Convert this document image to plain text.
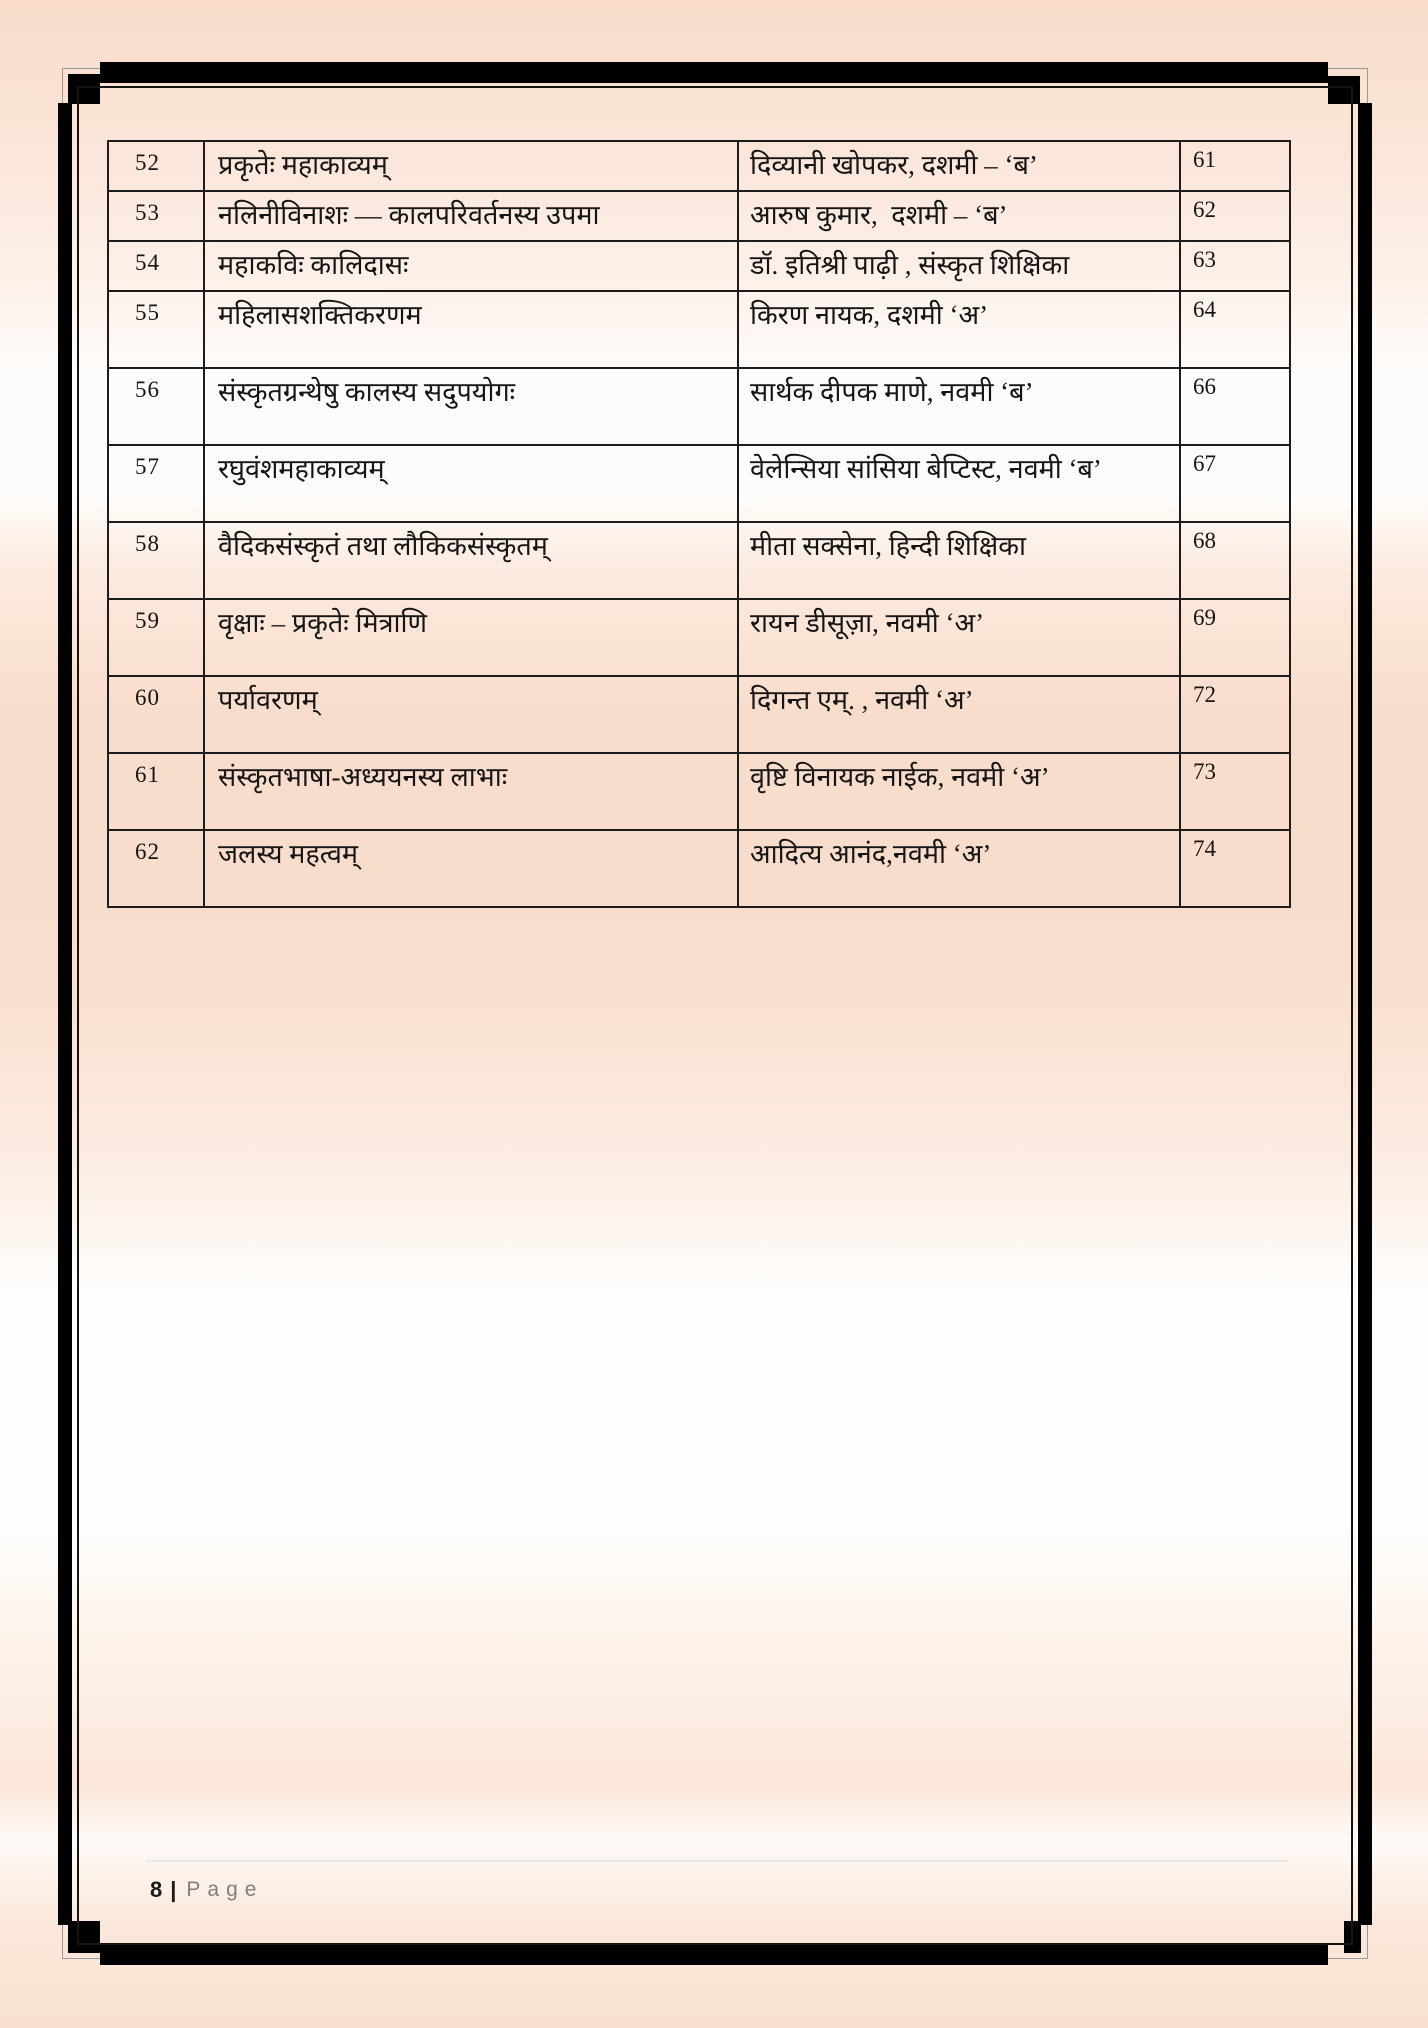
52	प्रकृतेः महाकाव्यम्	दिव्यानी खोपकर, दशमी – ‘ब’	61
53	नलिनीविनाशः — कालपरिवर्तनस्य उपमा	आरुष कुमार,  दशमी – ‘ब’	62
54	महाकविः कालिदासः	डॉ. इतिश्री पाढ़ी , संस्कृत शिक्षिका	63
55	महिलासशक्तिकरणम	किरण नायक, दशमी ‘अ’	64
56	संस्कृतग्रन्थेषु कालस्य सदुपयोगः	सार्थक दीपक माणे, नवमी ‘ब’	66
57	रघुवंशमहाकाव्यम्	वेलेन्सिया सांसिया बेप्टिस्ट, नवमी ‘ब’	67
58	वैदिकसंस्कृतं तथा लौकिकसंस्कृतम्	मीता सक्सेना, हिन्दी शिक्षिका	68
59	वृक्षाः – प्रकृतेः मित्राणि	रायन डीसूज़ा, नवमी ‘अ’	69
60	पर्यावरणम्	दिगन्त एम्. , नवमी ‘अ’	72
61	संस्कृतभाषा-अध्ययनस्य लाभाः	वृष्टि विनायक नाईक, नवमी ‘अ’	73
62	जलस्य महत्वम्	आदित्य आनंद,नवमी ‘अ’	74
8 | Page
